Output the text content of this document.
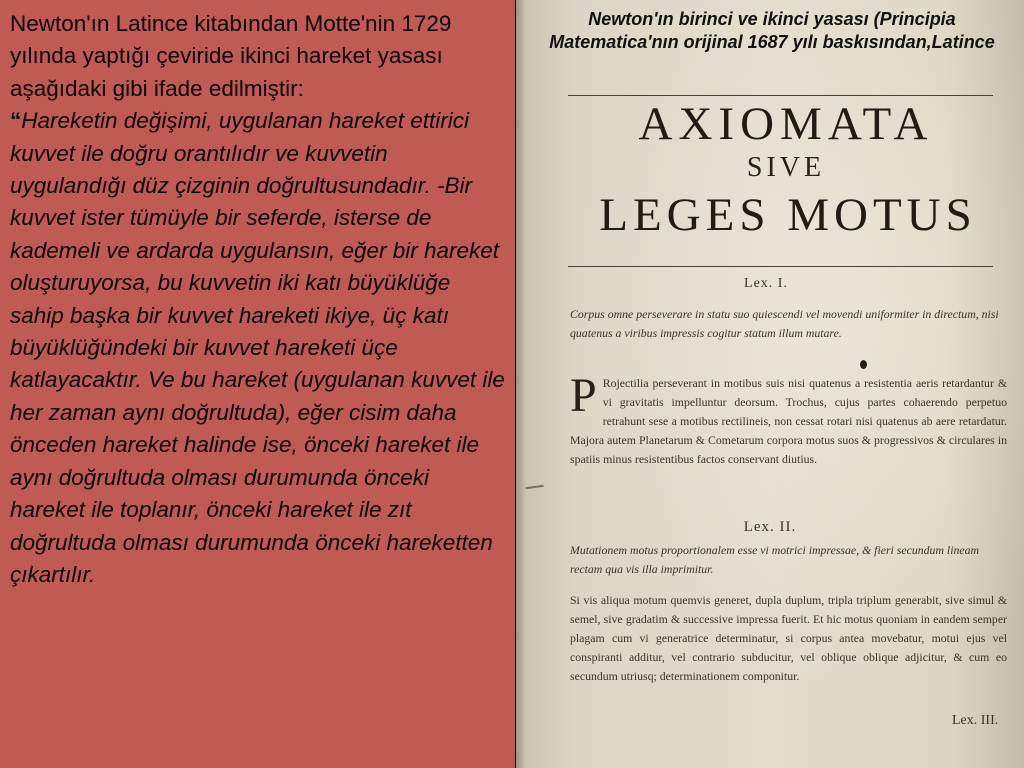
Newton'ın Latince kitabından Motte'nin 1729 yılında yaptığı çeviride ikinci hareket yasası aşağıdaki gibi ifade edilmiştir:
“Hareketin değişimi, uygulanan hareket ettirici kuvvet ile doğru orantılıdır ve kuvvetin uygulandığı düz çizginin doğrultusundadır. -Bir kuvvet ister tümüyle bir seferde, isterse de kademeli ve ardarda uygulansın, eğer bir hareket oluşturuyorsa, bu kuvvetin iki katı büyüklüğe sahip başka bir kuvvet hareketi ikiye, üç katı büyüklüğündeki bir kuvvet hareketi üçe katlayacaktır. Ve bu hareket (uygulanan kuvvet ile her zaman aynı doğrultuda), eğer cisim daha önceden hareket halinde ise, önceki hareket ile aynı doğrultuda olması durumunda önceki hareket ile toplanır, önceki hareket ile zıt doğrultuda olması durumunda önceki hareketten çıkartılır.

Newton'ın birinci ve ikinci yasası (Principia Matematica'nın orijinal 1687 yılı baskısından,Latince
AXIOMATA
SIVE
LEGES MOTUS
Lex. I.
Corpus omne perseverare in statu suo quiescendi vel movendi uniformiter in directum, nisi quatenus a viribus impressis cogitur statum illum mutare.
P Rojectilia perseverant in motibus suis nisi quatenus a resistentia aeris retardantur & vi gravitatis impelluntur deorsum. Trochus, cujus partes cohaerendo perpetuo retrahunt sese a motibus rectilineis, non cessat rotari nisi quatenus ab aere retardatur. Majora autem Planetarum & Cometarum corpora motus suos & progressivos & circulares in spatiis minus resistentibus factos conservant diutius.
Lex. II.
Mutationem motus proportionalem esse vi motrici impressae, & fieri secundum lineam rectam qua vis illa imprimitur.
Si vis aliqua motum quemvis generet, dupla duplum, tripla triplum generabit, sive simul & semel, sive gradatim & successive impressa fuerit. Et hic motus quoniam in eandem semper plagam cum vi generatrice determinatur, si corpus antea movebatur, motui ejus vel conspiranti additur, vel contrario subducitur, vel oblique oblique adjicitur, & cum eo secundum utriusq; determinationem componitur.
Lex. III.
